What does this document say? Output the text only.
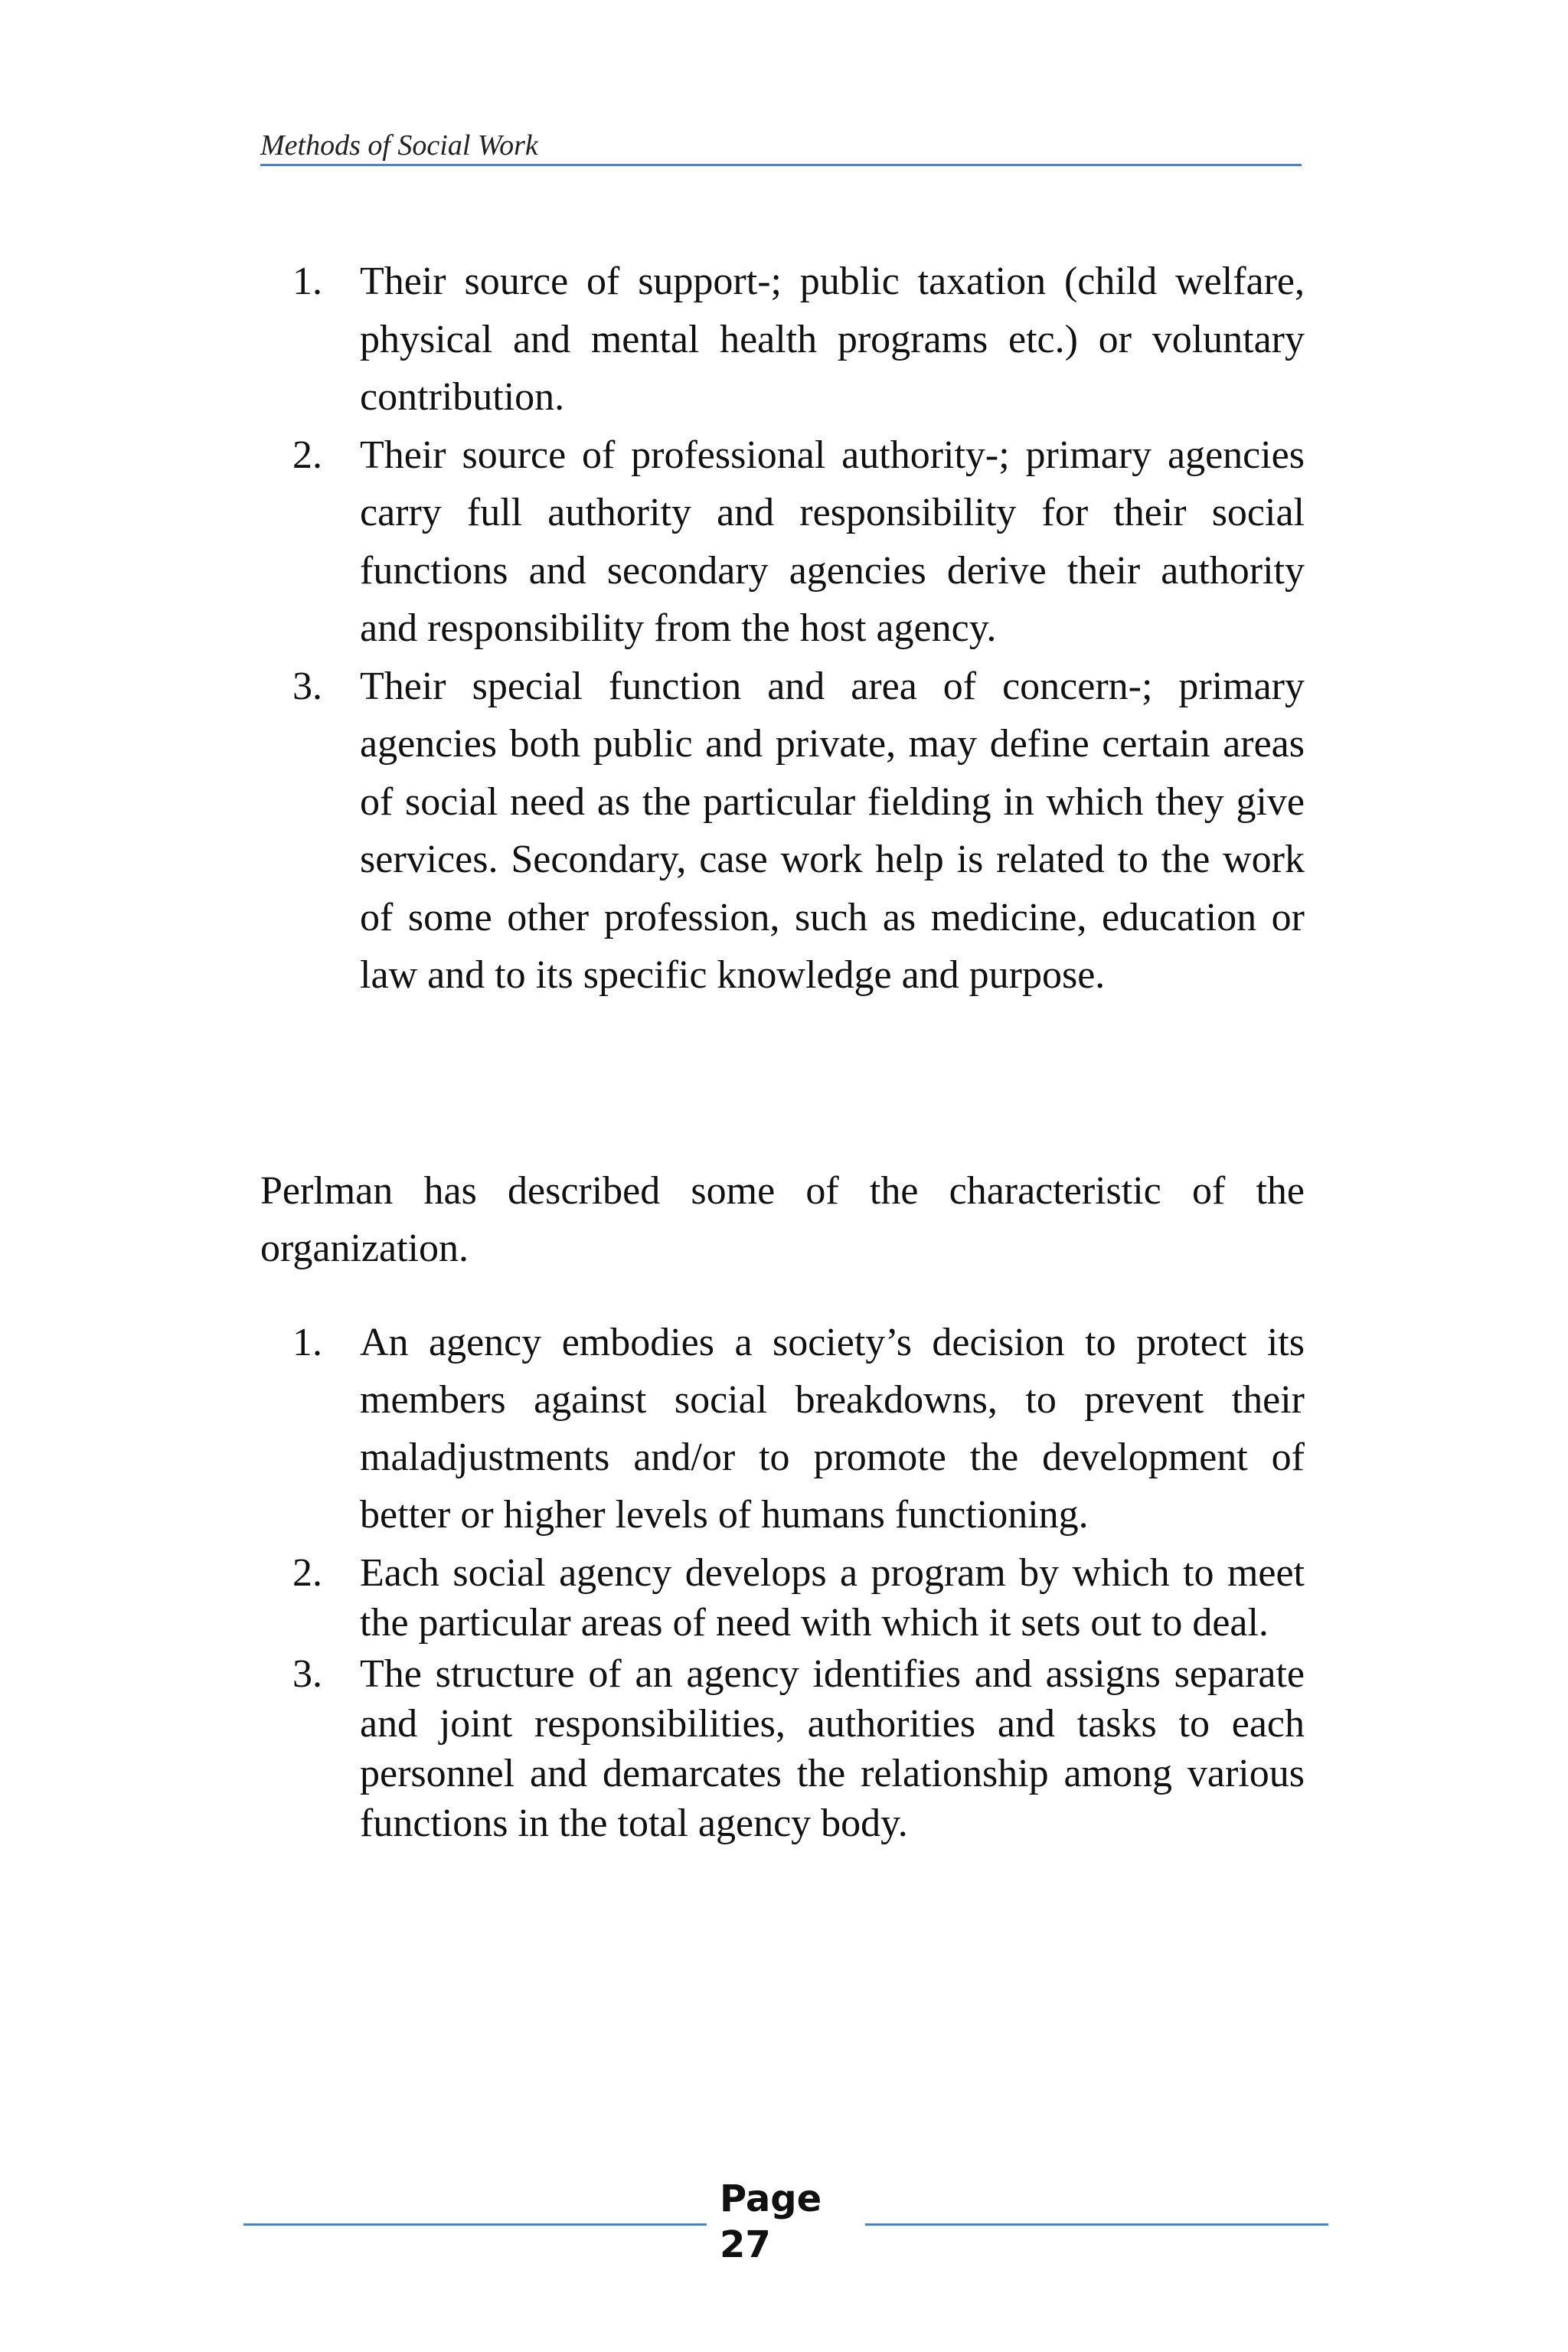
Methods of Social Work
1. Their source of support-; public taxation (child welfare, physical and mental health programs etc.) or voluntary contribution.
2. Their source of professional authority-; primary agencies carry full authority and responsibility for their social functions and secondary agencies derive their authority and responsibility from the host agency.
3. Their special function and area of concern-; primary agencies both public and private, may define certain areas of social need as the particular fielding in which they give services. Secondary, case work help is related to the work of some other profession, such as medicine, education or law and to its specific knowledge and purpose.

Perlman has described some of the characteristic of the organization.

1. An agency embodies a society’s decision to protect its members against social breakdowns, to prevent their maladjustments and/or to promote the development of better or higher levels of humans functioning.
2. Each social agency develops a program by which to meet the particular areas of need with which it sets out to deal.
3. The structure of an agency identifies and assigns separate and joint responsibilities, authorities and tasks to each personnel and demarcates the relationship among various functions in the total agency body.
Page
27
